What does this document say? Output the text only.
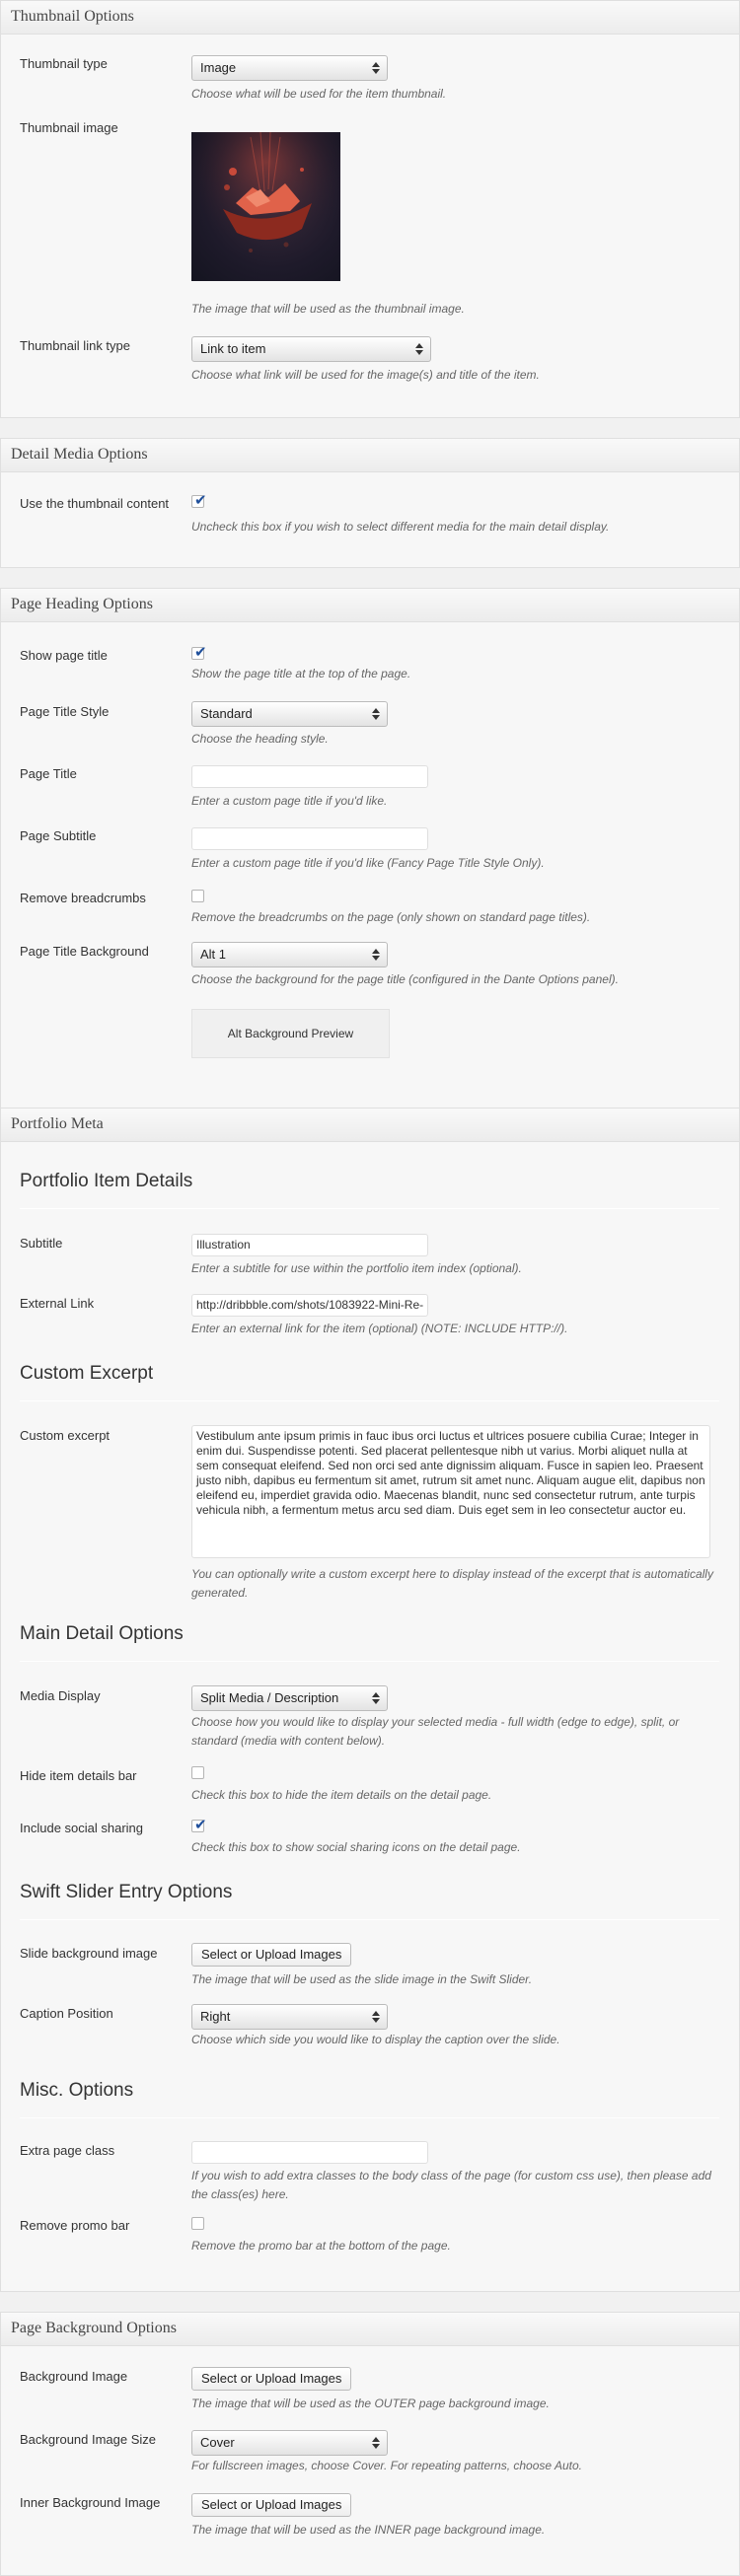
Thumbnail Options
Thumbnail type	Image
Choose what will be used for the item thumbnail.
Thumbnail image
The image that will be used as the thumbnail image.
Thumbnail link type	Link to item
Choose what link will be used for the image(s) and title of the item.
Detail Media Options
Use the thumbnail content ✔
Uncheck this box if you wish to select different media for the main detail display.
Page Heading Options
Show page title	✔
Show the page title at the top of the page.
Page Title Style	Standard
Choose the heading style.
Page Title
Enter a custom page title if you'd like.
Page Subtitle
Enter a custom page title if you'd like (Fancy Page Title Style Only).
Remove breadcrumbs
Remove the breadcrumbs on the page (only shown on standard page titles).
Page Title Background	Alt 1
Choose the background for the page title (configured in the Dante Options panel).
Alt Background Preview
Portfolio Meta
Portfolio Item Details
Subtitle	Illustration
Enter a subtitle for use within the portfolio item index (optional).
External Link	http://dribbble.com/shots/1083922-Mini-Re-
Enter an external link for the item (optional) (NOTE: INCLUDE HTTP://).
Custom Excerpt
Custom excerpt	Vestibulum ante ipsum primis in fauc ibus orci luctus et ultrices posuere cubilia Curae; Integer in enim dui. Suspendisse potenti. Sed placerat pellentesque nibh ut varius. Morbi aliquet nulla at sem consequat eleifend. Sed non orci sed ante dignissim aliquam. Fusce in sapien leo. Praesent justo nibh, dapibus eu fermentum sit amet, rutrum sit amet nunc. Aliquam augue elit, dapibus non eleifend eu, imperdiet gravida odio. Maecenas blandit, nunc sed consectetur rutrum, ante turpis vehicula nibh, a fermentum metus arcu sed diam. Duis eget sem in leo consectetur auctor eu.
You can optionally write a custom excerpt here to display instead of the excerpt that is automatically generated.
Main Detail Options
Media Display	Split Media / Description
Choose how you would like to display your selected media - full width (edge to edge), split, or standard (media with content below).
Hide item details bar
Check this box to hide the item details on the detail page.
Include social sharing	✔
Check this box to show social sharing icons on the detail page.
Swift Slider Entry Options
Slide background image	Select or Upload Images
The image that will be used as the slide image in the Swift Slider.
Caption Position	Right
Choose which side you would like to display the caption over the slide.
Misc. Options
Extra page class
If you wish to add extra classes to the body class of the page (for custom css use), then please add the class(es) here.
Remove promo bar
Remove the promo bar at the bottom of the page.
Page Background Options
Background Image	Select or Upload Images
The image that will be used as the OUTER page background image.
Background Image Size	Cover
For fullscreen images, choose Cover. For repeating patterns, choose Auto.
Inner Background Image	Select or Upload Images
The image that will be used as the INNER page background image.
